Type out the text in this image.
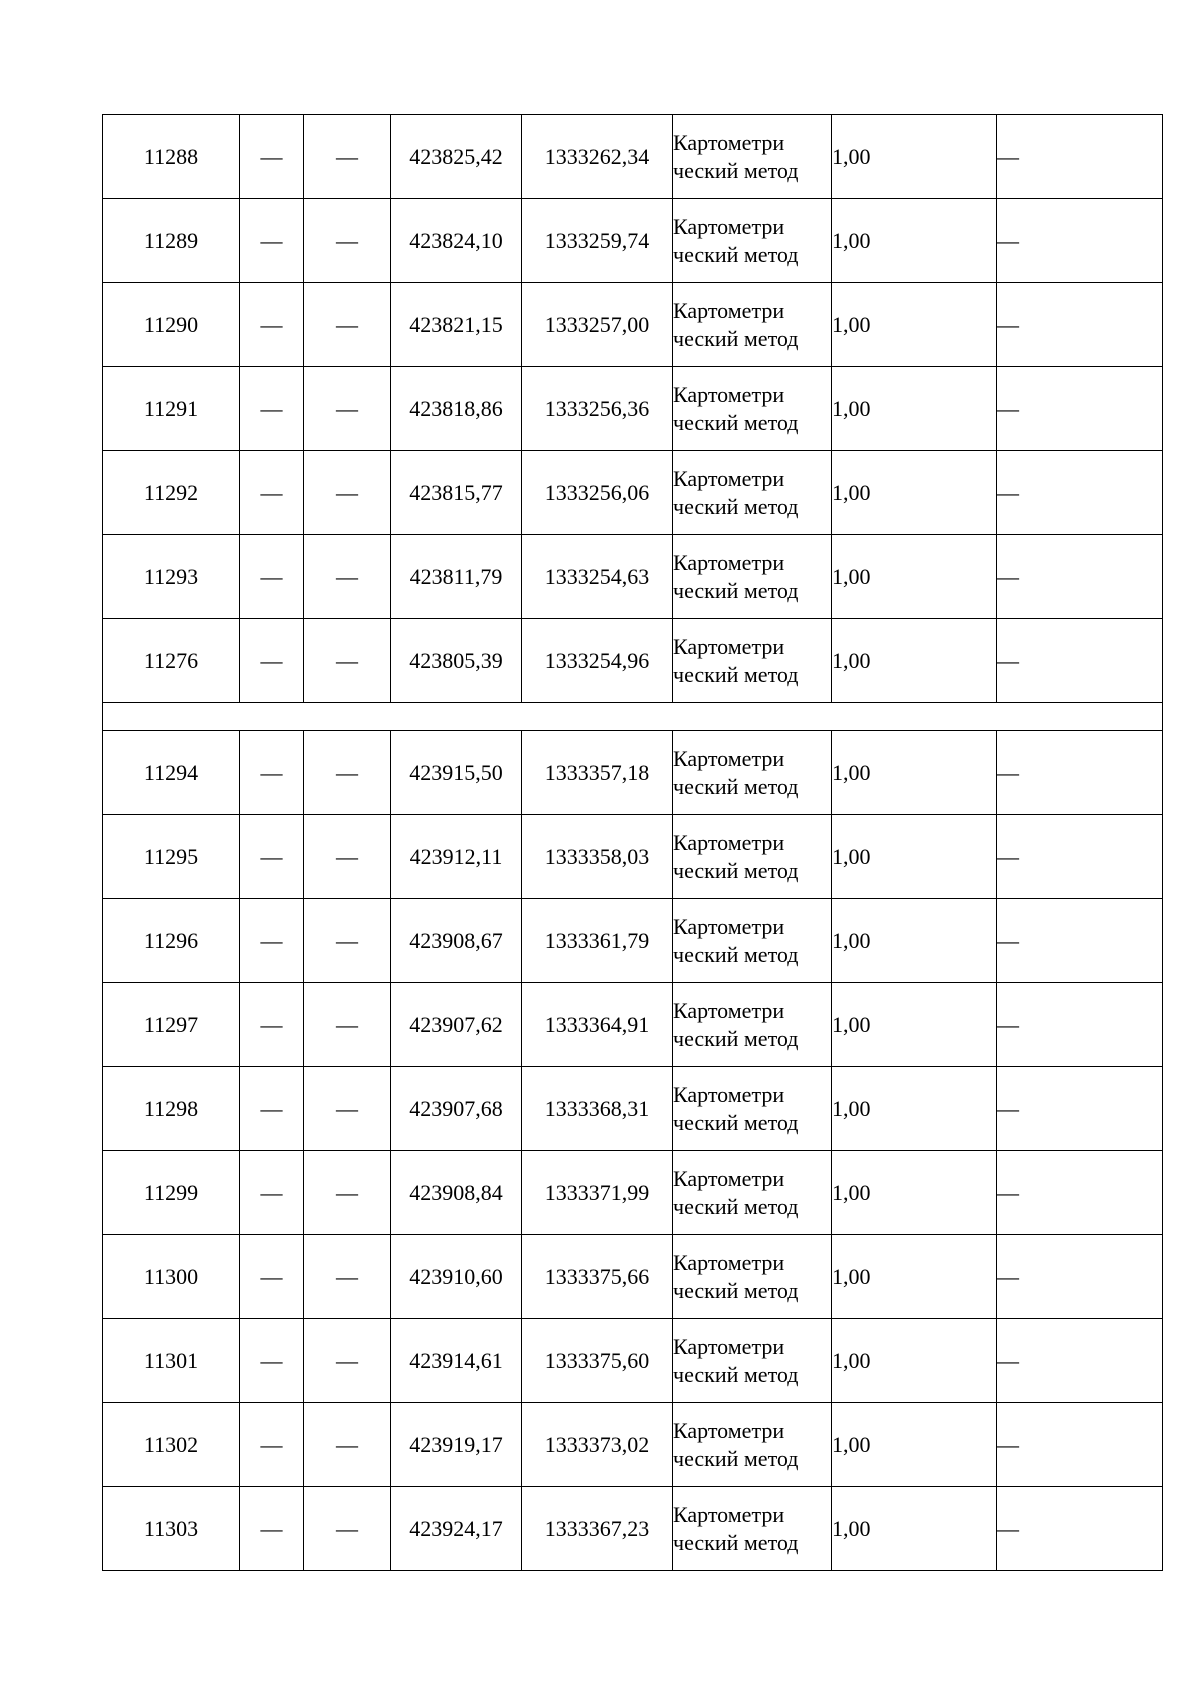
11288	—	—	423825,42	1333262,34	Картометри ческий метод	1,00	—
11289	—	—	423824,10	1333259,74	Картометри ческий метод	1,00	—
11290	—	—	423821,15	1333257,00	Картометри ческий метод	1,00	—
11291	—	—	423818,86	1333256,36	Картометри ческий метод	1,00	—
11292	—	—	423815,77	1333256,06	Картометри ческий метод	1,00	—
11293	—	—	423811,79	1333254,63	Картометри ческий метод	1,00	—
11276	—	—	423805,39	1333254,96	Картометри ческий метод	1,00	—

11294	—	—	423915,50	1333357,18	Картометри ческий метод	1,00	—
11295	—	—	423912,11	1333358,03	Картометри ческий метод	1,00	—
11296	—	—	423908,67	1333361,79	Картометри ческий метод	1,00	—
11297	—	—	423907,62	1333364,91	Картометри ческий метод	1,00	—
11298	—	—	423907,68	1333368,31	Картометри ческий метод	1,00	—
11299	—	—	423908,84	1333371,99	Картометри ческий метод	1,00	—
11300	—	—	423910,60	1333375,66	Картометри ческий метод	1,00	—
11301	—	—	423914,61	1333375,60	Картометри ческий метод	1,00	—
11302	—	—	423919,17	1333373,02	Картометри ческий метод	1,00	—
11303	—	—	423924,17	1333367,23	Картометри ческий метод	1,00	—
